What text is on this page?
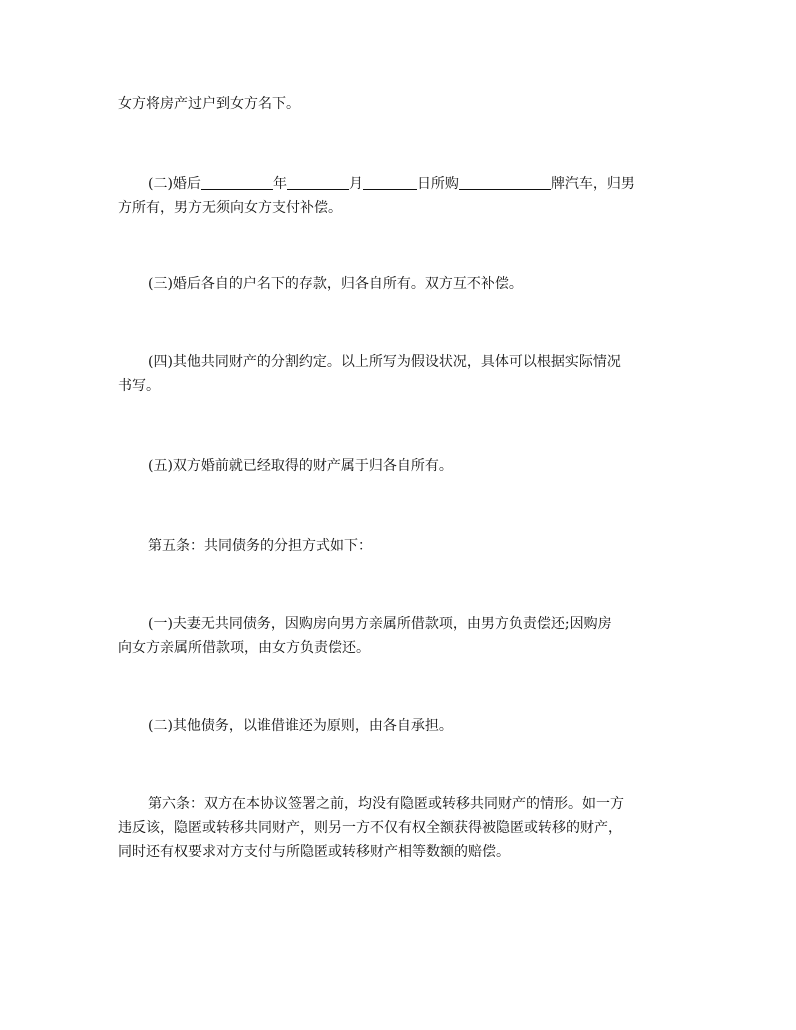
女方将房产过户到女方名下。

(二)婚后	年	月	日所购	牌汽车，归男
方所有，男方无须向女方支付补偿。

(三)婚后各自的户名下的存款，归各自所有。双方互不补偿。

(四)其他共同财产的分割约定。以上所写为假设状况，具体可以根据实际情况
书写。

(五)双方婚前就已经取得的财产属于归各自所有。

第五条：共同债务的分担方式如下：

(一)夫妻无共同债务，因购房向男方亲属所借款项，由男方负责偿还;因购房
向女方亲属所借款项，由女方负责偿还。

(二)其他债务，以谁借谁还为原则，由各自承担。

第六条：双方在本协议签署之前，均没有隐匿或转移共同财产的情形。如一方
违反该，隐匿或转移共同财产，则另一方不仅有权全额获得被隐匿或转移的财产，
同时还有权要求对方支付与所隐匿或转移财产相等数额的赔偿。
